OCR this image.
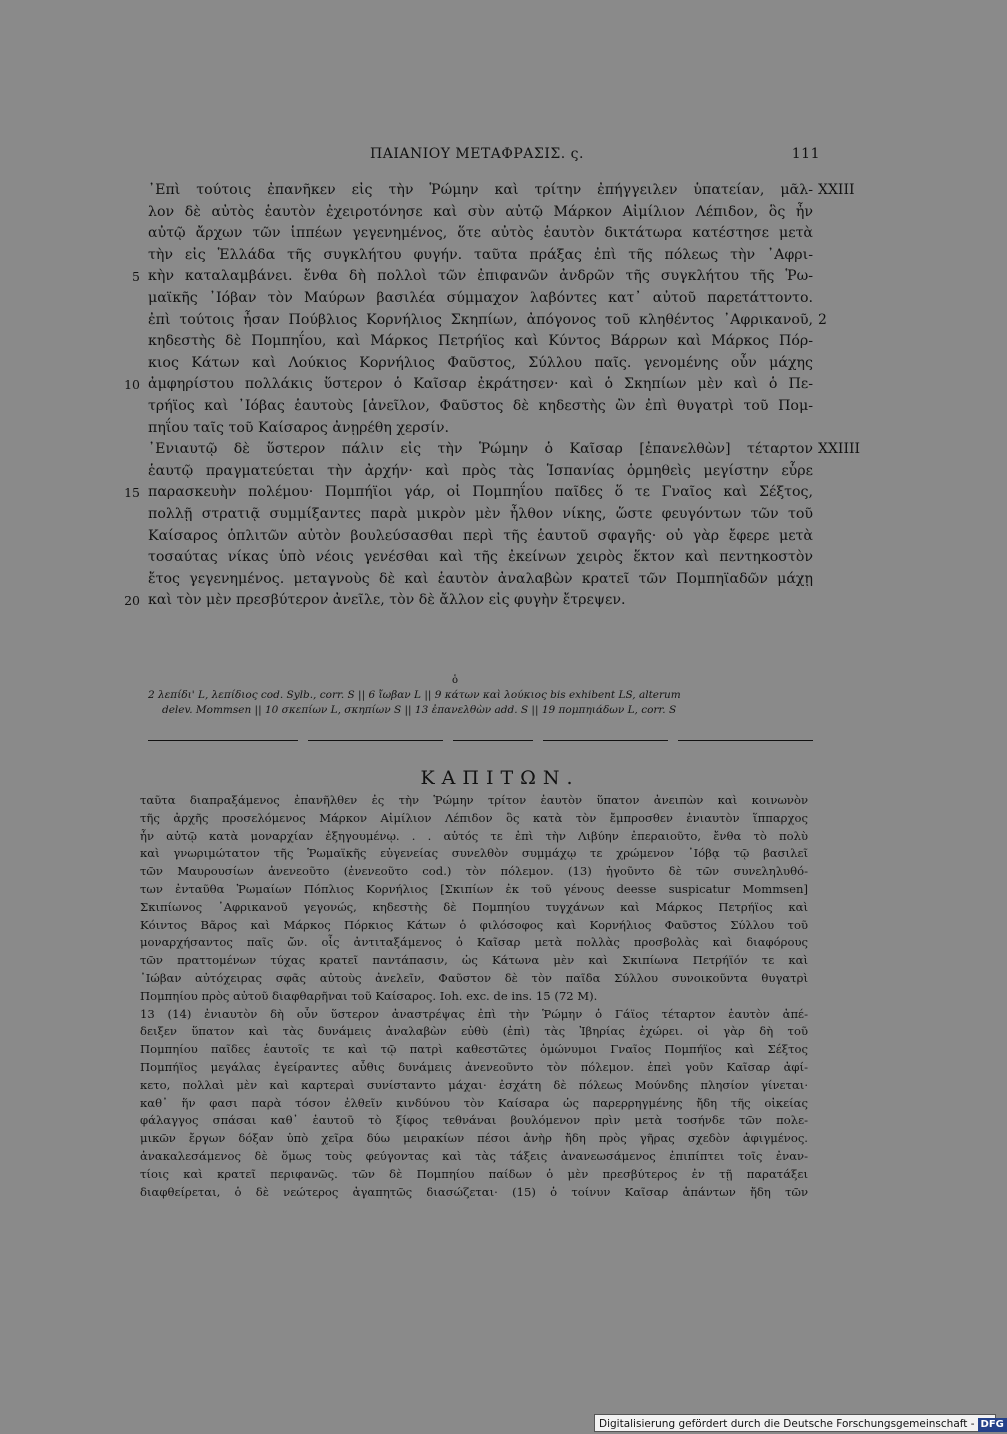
ΠΑΙΑΝΙΟΥ ΜΕΤΑΦΡΑΣΙΣ. ς.	111
᾿Επὶ τούτοις ἐπανῆκεν εἰς τὴν Ῥώμην καὶ τρίτην ἐπήγγειλεν ὑπατείαν, μᾶλ- XXIII
λον δὲ αὐτὸς ἑαυτὸν ἐχειροτόνησε καὶ σὺν αὐτῷ Μάρκον Αἰμίλιον Λέπιδον, ὃς ἦν
αὐτῷ ἄρχων τῶν ἱππέων γεγενημένος, ὅτε αὐτὸς ἑαυτὸν δικτάτωρα κατέστησε μετὰ
τὴν εἰς Ἑλλάδα τῆς συγκλήτου φυγήν. ταῦτα πράξας ἐπὶ τῆς πόλεως τὴν ᾿Αφρι-
5 κὴν καταλαμβάνει. ἔνθα δὴ πολλοὶ τῶν ἐπιφανῶν ἀνδρῶν τῆς συγκλήτου τῆς Ῥω-
μαϊκῆς ᾿Ιόβαν τὸν Μαύρων βασιλέα σύμμαχον λαβόντες κατ᾿ αὐτοῦ παρετάττοντο.
ἐπὶ τούτοις ἦσαν Πούβλιος Κορνήλιος Σκηπίων, ἀπόγονος τοῦ κληθέντος ᾿Αφρικανοῦ, 2
κηδεστὴς δὲ Πομπηΐου, καὶ Μάρκος Πετρήϊος καὶ Κύντος Βάρρων καὶ Μάρκος Πόρ-
κιος Κάτων καὶ Λούκιος Κορνήλιος Φαῦστος, Σύλλου παῖς. γενομένης οὖν μάχης
10 ἀμφηρίστου πολλάκις ὕστερον ὁ Καῖσαρ ἐκράτησεν· καὶ ὁ Σκηπίων μὲν καὶ ὁ Πε-
τρήϊος καὶ ᾿Ιόβας ἑαυτοὺς [ἀνεῖλον, Φαῦστος δὲ κηδεστὴς ὢν ἐπὶ θυγατρὶ τοῦ Πομ-
πηΐου ταῖς τοῦ Καίσαρος ἀνῃρέθη χερσίν.
᾿Ενιαυτῷ δὲ ὕστερον πάλιν εἰς τὴν Ῥώμην ὁ Καῖσαρ [ἐπανελθὼν] τέταρτον XXIIII
ἑαυτῷ πραγματεύεται τὴν ἀρχήν· καὶ πρὸς τὰς Ἱσπανίας ὁρμηθεὶς μεγίστην εὗρε
15 παρασκευὴν πολέμου· Πομπήϊοι γάρ, οἱ Πομπηΐου παῖδες ὅ τε Γναῖος καὶ Σέξτος,
πολλῇ στρατιᾷ συμμίξαντες παρὰ μικρὸν μὲν ἦλθον νίκης, ὥστε φευγόντων τῶν τοῦ
Καίσαρος ὁπλιτῶν αὐτὸν βουλεύσασθαι περὶ τῆς ἑαυτοῦ σφαγῆς· οὐ γὰρ ἔφερε μετὰ
τοσαύτας νίκας ὑπὸ νέοις γενέσθαι καὶ τῆς ἐκείνων χειρὸς ἕκτον καὶ πεντηκοστὸν
ἔτος γεγενημένος. μεταγνοὺς δὲ καὶ ἑαυτὸν ἀναλαβὼν κρατεῖ τῶν Πομπηϊαδῶν μάχῃ
20 καὶ τὸν μὲν πρεσβύτερον ἀνεῖλε, τὸν δὲ ἄλλον εἰς φυγὴν ἔτρεψεν.
ὁ
2 λεπίδι' L, λεπίδιος cod. Sylb., corr. S || 6 ἴωβαν L || 9 κάτων καὶ λούκιος bis exhibent LS, alterum
delev. Mommsen || 10 σκεπίων L, σκηπίων S || 13 ἐπανελθὼν add. S || 19 πομπηιάδων L, corr. S
ΚΑΠΙΤΩΝ.
ταῦτα διαπραξάμενος ἐπανῆλθεν ἐς τὴν Ῥώμην τρίτον ἑαυτὸν ὕπατον ἀνειπὼν καὶ κοινωνὸν
τῆς ἀρχῆς προσελόμενος Μάρκον Αἰμίλιον Λέπιδον ὃς κατὰ τὸν ἔμπροσθεν ἐνιαυτὸν ἵππαρχος
ἦν αὐτῷ κατὰ μοναρχίαν ἐξηγουμένῳ. . . αὐτός τε ἐπὶ τὴν Λιβύην ἐπεραιοῦτο, ἔνθα τὸ πολὺ
καὶ γνωριμώτατον τῆς Ῥωμαϊκῆς εὐγενείας συνελθὸν συμμάχῳ τε χρώμενον ᾿Ιόβᾳ τῷ βασιλεῖ
τῶν Μαυρουσίων ἀνενεοῦτο (ἐνενεοῦτο cod.) τὸν πόλεμον. (13) ἡγοῦντο δὲ τῶν συνεληλυθό-
των ἐνταῦθα Ῥωμαίων Πόπλιος Κορνήλιος [Σκιπίων ἐκ τοῦ γένους deesse suspicatur Mommsen]
Σκιπίωνος ᾿Αφρικανοῦ γεγονώς, κηδεστὴς δὲ Πομπηίου τυγχάνων καὶ Μάρκος Πετρήϊος καὶ
Κόιντος Βᾶρος καὶ Μάρκος Πόρκιος Κάτων ὁ φιλόσοφος καὶ Κορνήλιος Φαῦστος Σύλλου τοῦ
μοναρχήσαντος παῖς ὤν. οἷς ἀντιταξάμενος ὁ Καῖσαρ μετὰ πολλὰς προσβολὰς καὶ διαφόρους
τῶν πραττομένων τύχας κρατεῖ παντάπασιν, ὡς Κάτωνα μὲν καὶ Σκιπίωνα Πετρήϊόν τε καὶ
᾿Ιώβαν αὐτόχειρας σφᾶς αὐτοὺς ἀνελεῖν, Φαῦστον δὲ τὸν παῖδα Σύλλου συνοικοῦντα θυγατρὶ
Πομπηίου πρὸς αὐτοῦ διαφθαρῆναι τοῦ Καίσαρος. Ioh. exc. de ins. 15 (72 M).
13 (14) ἐνιαυτὸν δὴ οὖν ὕστερον ἀναστρέψας ἐπὶ τὴν Ῥώμην ὁ Γάϊος τέταρτον ἑαυτὸν ἀπέ-
δειξεν ὕπατον καὶ τὰς δυνάμεις ἀναλαβὼν εὐθὺ (ἐπὶ) τὰς Ἰβηρίας ἐχώρει. οἱ γὰρ δὴ τοῦ
Πομπηίου παῖδες ἑαυτοῖς τε καὶ τῷ πατρὶ καθεστῶτες ὁμώνυμοι Γναῖος Πομπήϊος καὶ Σέξτος
Πομπήϊος μεγάλας ἐγείραντες αὖθις δυνάμεις ἀνενεοῦντο τὸν πόλεμον. ἐπεὶ γοῦν Καῖσαρ ἀφί-
κετο, πολλαὶ μὲν καὶ καρτεραὶ συνίσταντο μάχαι· ἐσχάτη δὲ πόλεως Μούνδης πλησίον γίνεται·
καθ᾿ ἥν φασι παρὰ τόσον ἐλθεῖν κινδύνου τὸν Καίσαρα ὡς παρερρηγμένης ἤδη τῆς οἰκείας
φάλαγγος σπάσαι καθ᾿ ἑαυτοῦ τὸ ξίφος τεθνάναι βουλόμενον πρὶν μετὰ τοσήνδε τῶν πολε-
μικῶν ἔργων δόξαν ὑπὸ χεῖρα δύω μειρακίων πέσοι ἀνὴρ ἤδη πρὸς γῆρας σχεδὸν ἀφιγμένος.
ἀνακαλεσάμενος δὲ ὅμως τοὺς φεύγοντας καὶ τὰς τάξεις ἀνανεωσάμενος ἐπιπίπτει τοῖς ἐναν-
τίοις καὶ κρατεῖ περιφανῶς. τῶν δὲ Πομπηίου παίδων ὁ μὲν πρεσβύτερος ἐν τῇ παρατάξει
διαφθείρεται, ὁ δὲ νεώτερος ἀγαπητῶς διασώζεται· (15) ὁ τοίνυν Καῖσαρ ἁπάντων ἤδη τῶν
Digitalisierung gefördert durch die Deutsche Forschungsgemeinschaft - DFG
